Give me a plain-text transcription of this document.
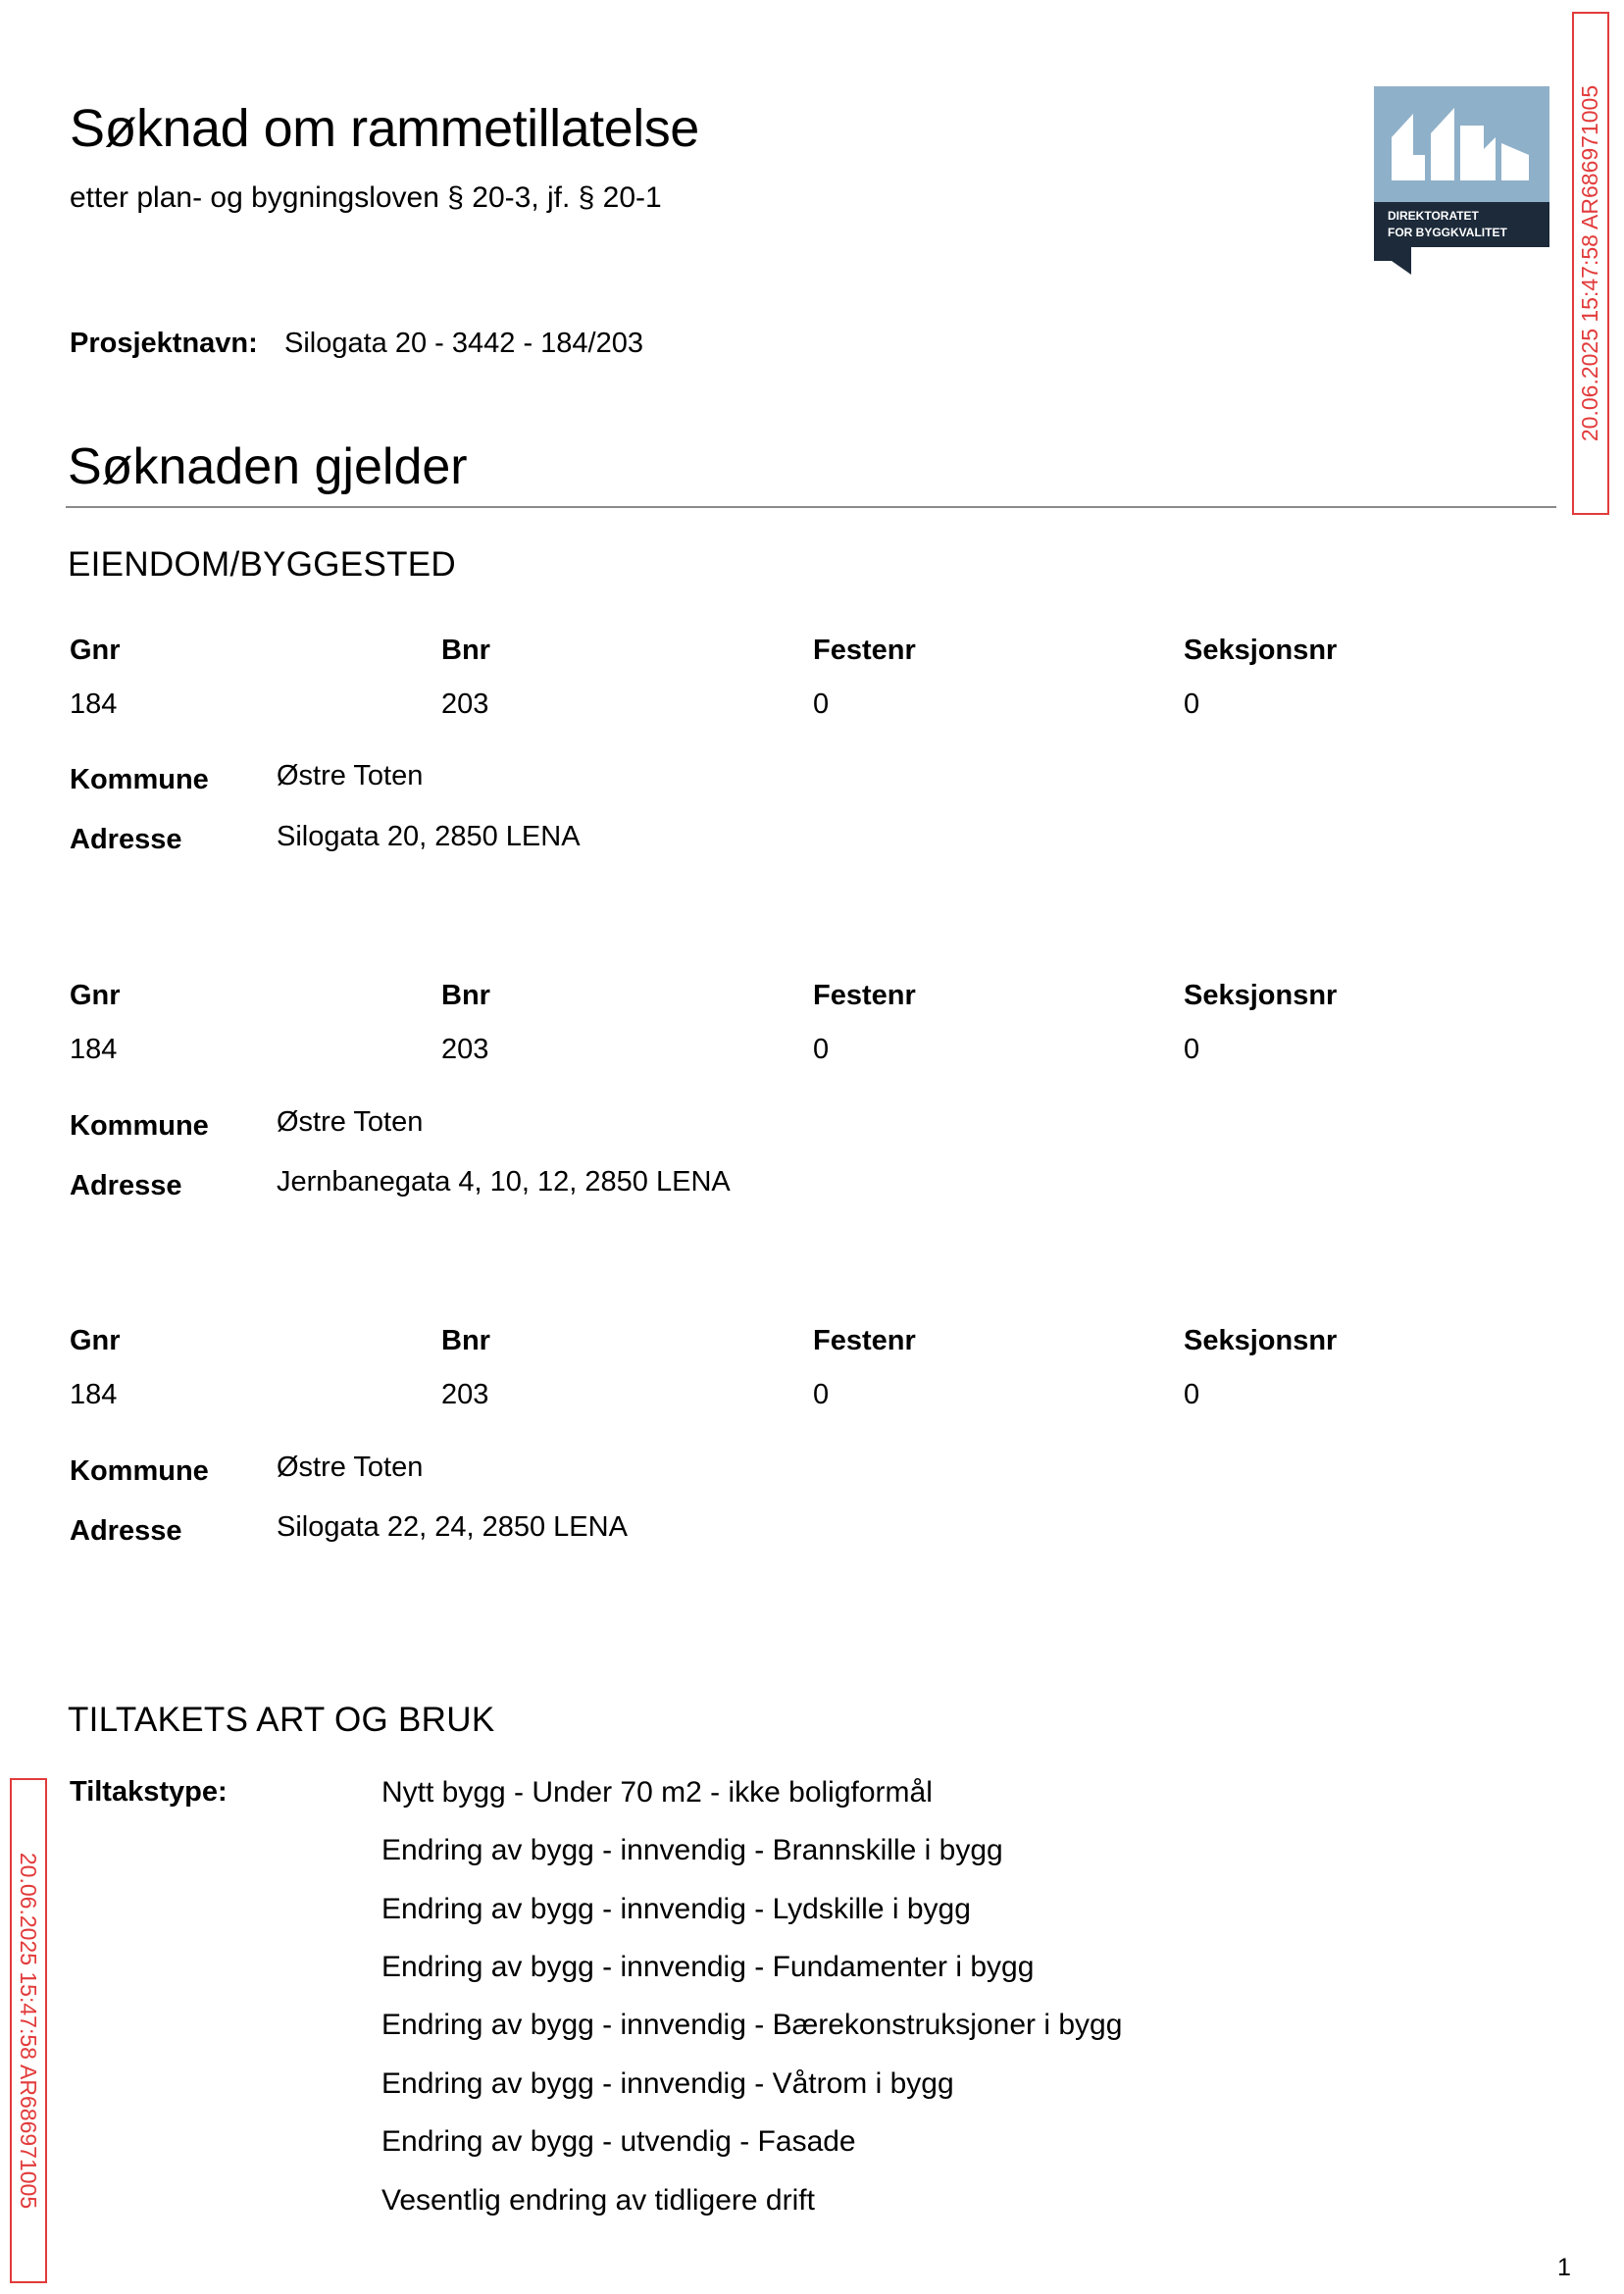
Søknad om rammetillatelse
etter plan- og bygningsloven § 20-3, jf. § 20-1
DIREKTORATET
FOR BYGGKVALITET
Prosjektnavn: Silogata 20 - 3442 - 184/203
Søknaden gjelder
EIENDOM/BYGGESTED
Gnr	Bnr	Festenr	Seksjonsnr
184	203	0	0
Kommune Østre Toten
Adresse	Silogata 20, 2850 LENA
Gnr	Bnr	Festenr	Seksjonsnr
184	203	0	0
Kommune Østre Toten
Adresse	Jernbanegata 4, 10, 12, 2850 LENA
Gnr	Bnr	Festenr	Seksjonsnr
184	203	0	0
Kommune Østre Toten
Adresse	Silogata 22, 24, 2850 LENA
TILTAKETS ART OG BRUK
Tiltakstype:	Nytt bygg - Under 70 m2 - ikke boligformål
Endring av bygg - innvendig - Brannskille i bygg
Endring av bygg - innvendig - Lydskille i bygg
Endring av bygg - innvendig - Fundamenter i bygg
Endring av bygg - innvendig - Bærekonstruksjoner i bygg
Endring av bygg - innvendig - Våtrom i bygg
Endring av bygg - utvendig - Fasade
Vesentlig endring av tidligere drift
20.06.2025 15:47:58 AR686971005
20.06.2025 15:47:58 AR686971005
1
